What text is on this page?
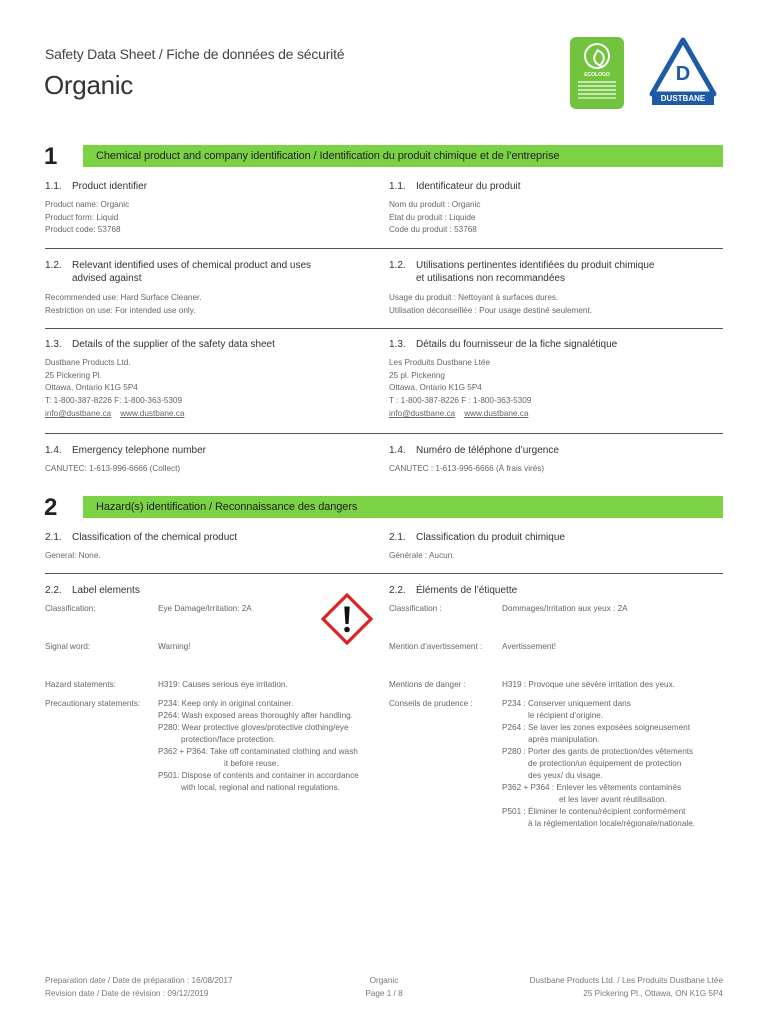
Safety Data Sheet / Fiche de données de sécurité
Organic	ECOLOGO	D
DUSTBANE
1	Chemical product and company identification / Identification du produit chimique et de l’entreprise
1.1. Product identifier	1.1. Identificateur du produit
Product name: Organic
Product form: Liquid
Product code: 53768
Nom du produit : Organic
Etat du produit : Liquide
Code du produit : 53768
1.2. Relevant identified uses of chemical product and uses
advised against
1.2. Utilisations pertinentes identifiées du produit chimique
et utilisations non recommandées
Recommended use: Hard Surface Cleaner.
Restriction on use: For intended use only.
Usage du produit : Nettoyant à surfaces dures.
Utilisation déconseillée : Pour usage destiné seulement.
1.3. Details of the supplier of the safety data sheet	1.3. Détails du fournisseur de la fiche signalétique
Dustbane Products Ltd.
25 Pickering Pl.
Ottawa, Ontario K1G 5P4
T: 1-800-387-8226 F: 1-800-363-5309
info@dustbane.ca www.dustbane.ca
Les Produits Dustbane Ltée
25 pl. Pickering
Ottawa, Ontario K1G 5P4
T : 1-800-387-8226 F : 1-800-363-5309
info@dustbane.ca www.dustbane.ca
1.4. Emergency telephone number	1.4. Numéro de téléphone d’urgence
CANUTEC: 1-613-996-6666 (Collect)	CANUTEC : 1-613-996-6666 (À frais virés)
2	Hazard(s) identification / Reconnaissance des dangers
2.1. Classification of the chemical product	2.1. Classification du produit chimique
General: None.	Générale : Aucun.
2.2. Label elements	2.2. Éléments de l’étiquette
Classification:	Eye Damage/Irritation: 2A
Signal word:	Warning!
Hazard statements:	H319: Causes serious eye irritation.
Precautionary statements: P234: Keep only in original container.
P264: Wash exposed areas thoroughly after handling.
P280: Wear protective gloves/protective clothing/eye
protection/face protection.
P362 + P364: Take off contaminated clothing and wash
it before reuse.
P501: Dispose of contents and container in accordance
with local, regional and national regulations.
Classification :	Dommages/Irritation aux yeux : 2A
Mention d’avertissement : Avertissement!
Mentions de danger :	H319 : Provoque une sévère irritation des yeux.
Conseils de prudence :	P234 : Conserver uniquement dans
le récipient d’origine.
P264 : Se laver les zones exposées soigneusement
après manipulation.
P280 : Porter des gants de protection/des vêtements
de protection/un équipement de protection
des yeux/ du visage.
P362 + P364 : Enlever les vêtements contaminés
et les laver avant réutilisation.
P501 : Éliminer le contenu/récipient conformément
à la réglementation locale/régionale/nationale.
Preparation date / Date de préparation : 16/08/2017
Revision date / Date de révision : 09/12/2019
Organic
Page 1 / 8
Dustbane Products Ltd. / Les Produits Dustbane Ltée
25 Pickering Pl., Ottawa, ON K1G 5P4
